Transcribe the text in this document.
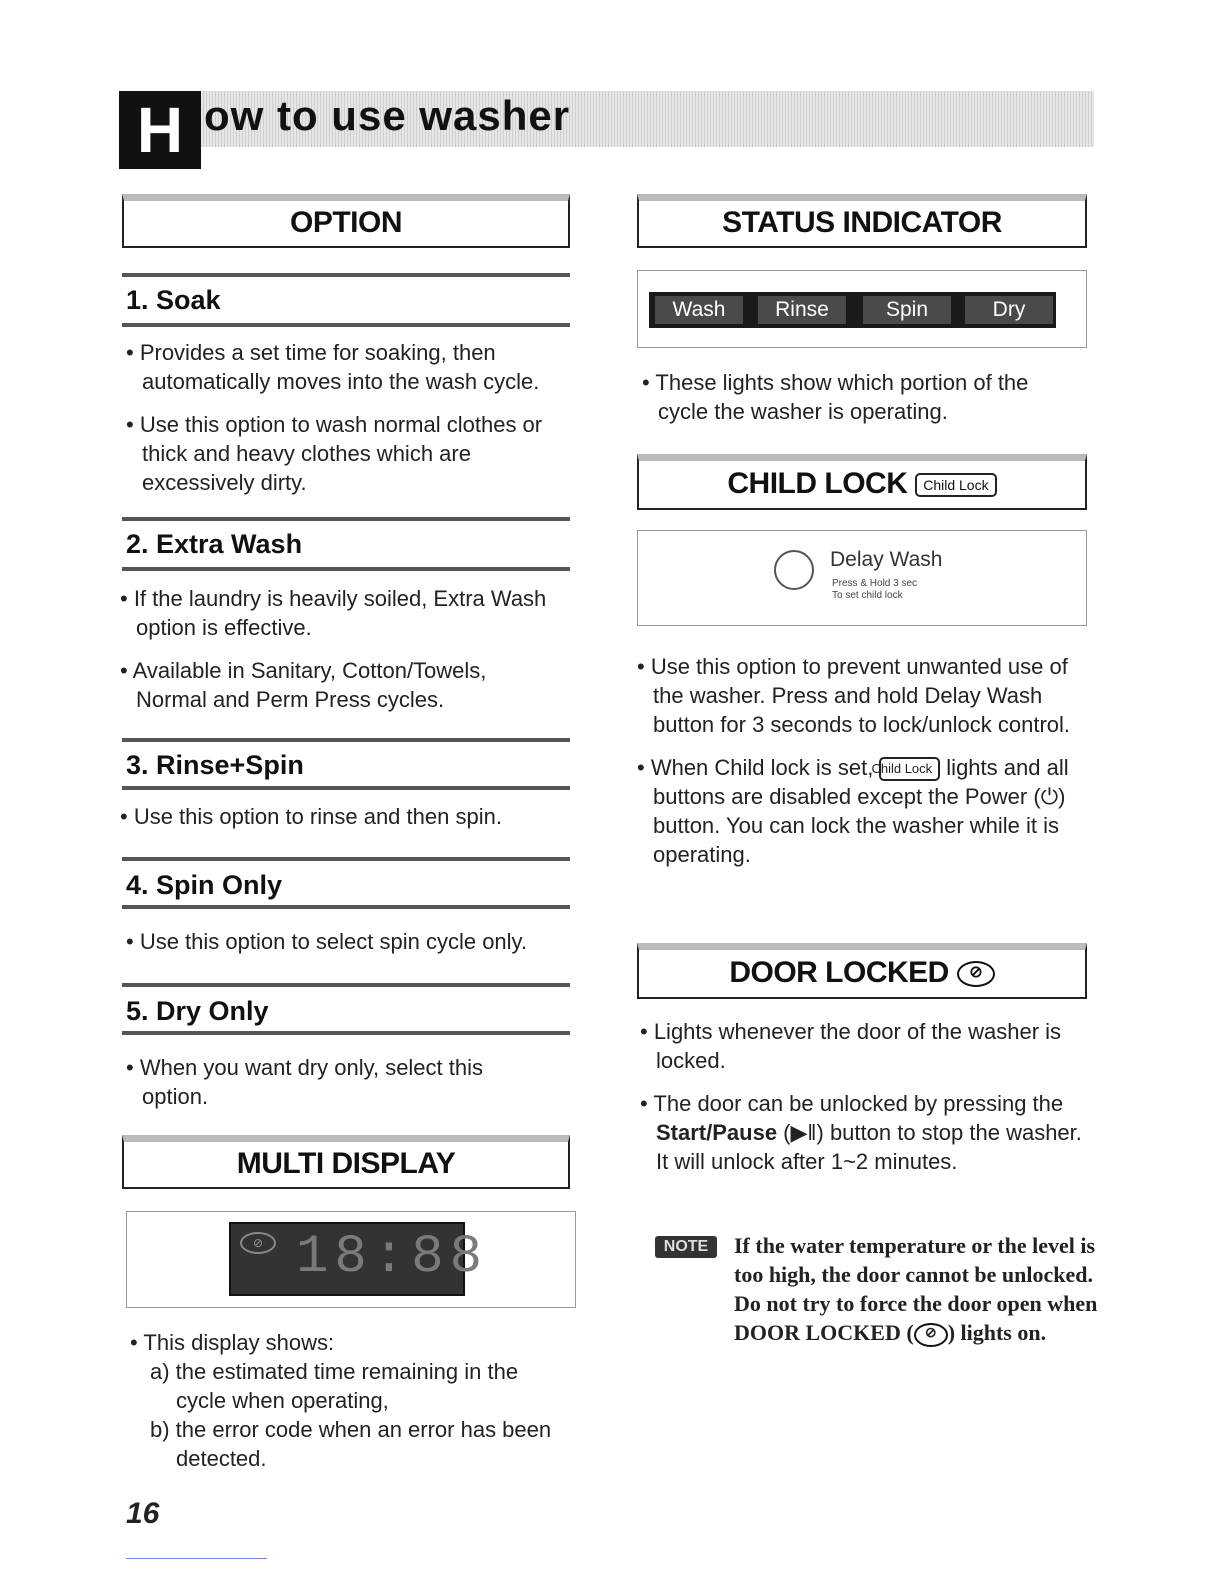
H ow to use washer
OPTION
1. Soak

• Provides a set time for soaking, then automatically moves into the wash cycle.

• Use this option to wash normal clothes or thick and heavy clothes which are excessively dirty.

2. Extra Wash

• If the laundry is heavily soiled, Extra Wash option is effective.

• Available in Sanitary, Cotton/Towels, Normal and Perm Press cycles.

3. Rinse+Spin

• Use this option to rinse and then spin.

4. Spin Only

• Use this option to select spin cycle only.

5. Dry Only

• When you want dry only, select this option.

MULTI DISPLAY
⊘ 18:88

• This display shows:

a) the estimated time remaining in the cycle when operating,

b) the error code when an error has been detected.

STATUS INDICATOR
Wash	Rinse	Spin	Dry

• These lights show which portion of the cycle the washer is operating.

CHILD LOCK Child Lock
Delay Wash
Press & Hold 3 sec
To set child lock

• Use this option to prevent unwanted use of the washer. Press and hold Delay Wash button for 3 seconds to lock/unlock control.

• When Child lock is set, Child Lock lights and all buttons are disabled except the Power (⏻) button. You can lock the washer while it is operating.

DOOR LOCKED ⊘

• Lights whenever the door of the washer is locked.

• The door can be unlocked by pressing the Start/Pause (▶ǁ) button to stop the washer. It will unlock after 1~2 minutes.

NOTE	If the water temperature or the level is too high, the door cannot be unlocked.
Do not try to force the door open when DOOR LOCKED ( ⊘ ) lights on.
16
